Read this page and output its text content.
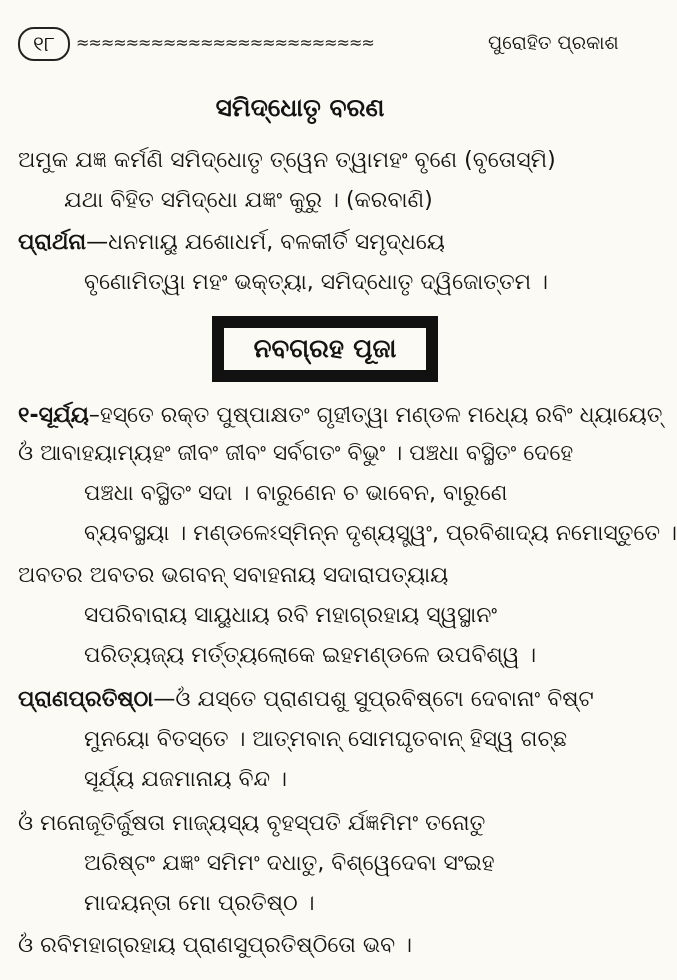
୧୮	≈≈≈≈≈≈≈≈≈≈≈≈≈≈≈≈≈≈≈≈≈≈≈≈	ପୁରୋହିତ ପ୍ରକାଶ
ସମିଦ୍ଧୋତୃ ବରଣ
ଅମୁକ ଯଜ୍ଞ କର୍ମଣି ସମିଦ୍ଧୋତୃ ତ୍ୱେନ ତ୍ୱାମହଂ ବୃଣେ (ବୃତୋସ୍ମି)
ଯଥା ବିହିତ ସମିଦ୍ଧୋ ଯଜ୍ଞଂ କୁରୁ । (କରବାଣି)
ପ୍ରାର୍ଥନା—ଧନମାୟୁ ଯଶୋଧର୍ମ, ବଳକୀର୍ତି ସମୃଦ୍ଧୟେ
ବୃଣୋମିତ୍ୱା ମହଂ ଭକ୍ତ୍ୟା, ସମିଦ୍ଧୋତୃ ଦ୍ୱିଜୋତ୍ତମ ।
ନବଗ୍ରହ ପୂଜା
୧-ସୂର୍ଯ୍ୟ–ହସ୍ତେ ରକ୍ତ ପୁଷ୍ପାକ୍ଷତଂ ଗୃହୀତ୍ୱା ମଣ୍ଡଳ ମଧ୍ୟେ ରବିଂ ଧ୍ୟାୟେତ୍
ଓଁ ଆବାହୟାମ୍ୟହଂ ଜୀବଂ ଜୀବଂ ସର୍ବଗତଂ ବିଭୁଂ । ପଞ୍ଚଧା ବସ୍ଥିତଂ ଦେହେ
ପଞ୍ଚଧା ବସ୍ଥିତଂ ସଦା । ବାରୁଣେନ ଚ ଭାବେନ, ବାରୁଣେ
ବ୍ୟବସ୍ଥୟା । ମଣ୍ଡଳେଽସ୍ମିନ୍ନ ଦୃଶ୍ୟସ୍ତ୍ୱଂ, ପ୍ରବିଶାଦ୍ୟ ନମୋସ୍ତୁତେ ।
ଅବତର ଅବତର ଭଗବନ୍ ସବାହନାୟ ସଦାରାପତ୍ୟାୟ
ସପରିବାରାୟ ସାୟୁଧାୟ ରବି ମହାଗ୍ରହାୟ ସ୍ୱସ୍ଥାନଂ
ପରିତ୍ୟଜ୍ୟ ମର୍ତ୍ତ୍ୟଲୋକେ ଇହମଣ୍ଡଳେ ଉପବିଶ୍ୱ ।
ପ୍ରାଣପ୍ରତିଷ୍ଠା—ଓଁ ଯସ୍ତେ ପ୍ରାଣପଶୁ ସୁପ୍ରବିଷ୍ଟୋ ଦେବାନାଂ ବିଷ୍ଟ
ମୁନୟୋ ବିତସ୍ତେ । ଆତ୍ମବାନ୍ ସୋମଘୃତବାନ୍ ହିସ୍ୱ ଗଚ୍ଛ
ସୂର୍ଯ୍ୟ ଯଜମାନାୟ ବିନ୍ଦ ।
ଓଁ ମନୋଜୂତିର୍ଜୁଷତା ମାଜ୍ୟସ୍ୟ ବୃହସ୍ପତି ର୍ଯଜ୍ଞମିମଂ ତନୋତୁ
ଅରିଷ୍ଟଂ ଯଜ୍ଞଂ ସମିମଂ ଦଧାତୁ, ବିଶ୍ୱେଦେବା ସଂଇହ
ମାଦୟନ୍ତା ମୋ ପ୍ରତିଷ୍ଠ ।
ଓଁ ରବିମହାଗ୍ରହାୟ ପ୍ରାଣସୁପ୍ରତିଷ୍ଠିତୋ ଭବ ।
